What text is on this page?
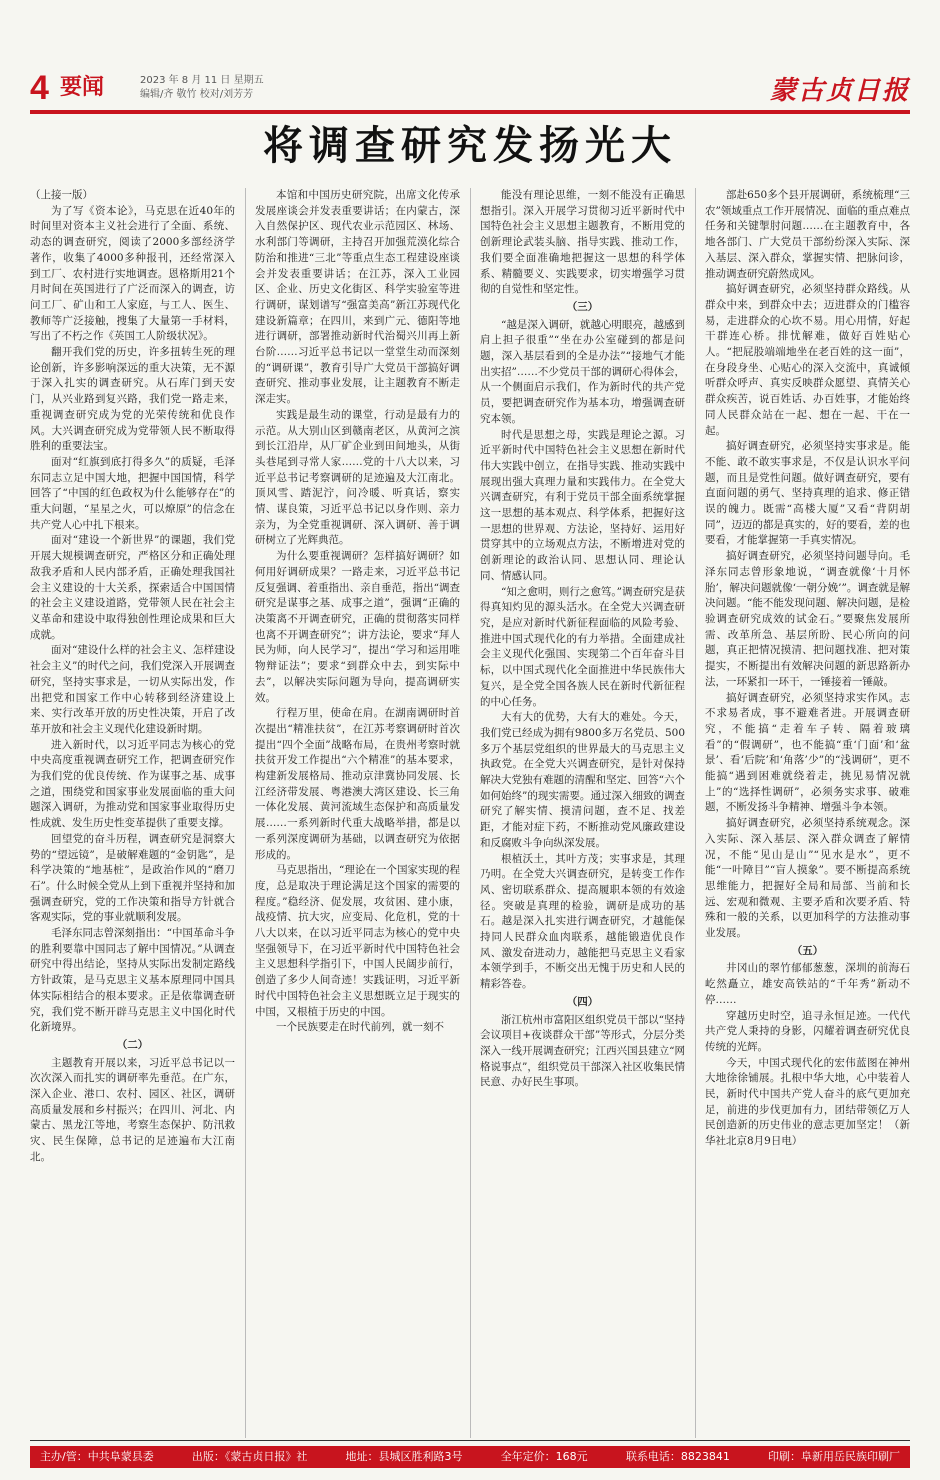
4 要闻	2023 年 8 月 11 日 星期五
编辑/齐 敬竹 校对/刘芳芳	蒙古贞日报
将调查研究发扬光大

（上接一版）

为了写《资本论》，马克思在近40年的时间里对资本主义社会进行了全面、系统、动态的调查研究，阅读了2000多部经济学著作，收集了4000多种报刊，还经常深入到工厂、农村进行实地调查。恩格斯用21个月时间在英国进行了广泛而深入的调查，访问工厂、矿山和工人家庭，与工人、医生、教师等广泛接触，搜集了大量第一手材料，写出了不朽之作《英国工人阶级状况》。

翻开我们党的历史，许多扭转生死的理论创新，许多影响深远的重大决策，无不源于深入扎实的调查研究。从石库门到天安门，从兴业路到复兴路，我们党一路走来，重视调查研究成为党的光荣传统和优良作风。大兴调查研究成为党带领人民不断取得胜利的重要法宝。

面对“红旗到底打得多久”的质疑，毛泽东同志立足中国大地，把握中国国情，科学回答了“中国的红色政权为什么能够存在”的重大问题，“星星之火，可以燎原”的信念在共产党人心中扎下根来。

面对“建设一个新世界”的课题，我们党开展大规模调查研究，严格区分和正确处理敌我矛盾和人民内部矛盾，正确处理我国社会主义建设的十大关系，探索适合中国国情的社会主义建设道路，党带领人民在社会主义革命和建设中取得独创性理论成果和巨大成就。

面对“建设什么样的社会主义、怎样建设社会主义”的时代之问，我们党深入开展调查研究，坚持实事求是，一切从实际出发，作出把党和国家工作中心转移到经济建设上来、实行改革开放的历史性决策，开启了改革开放和社会主义现代化建设新时期。

进入新时代，以习近平同志为核心的党中央高度重视调查研究工作，把调查研究作为我们党的优良传统、作为谋事之基、成事之道，围绕党和国家事业发展面临的重大问题深入调研，为推动党和国家事业取得历史性成就、发生历史性变革提供了重要支撑。

回望党的奋斗历程，调查研究是洞察大势的“望远镜”，是破解难题的“金钥匙”，是科学决策的“地基桩”，是政治作风的“磨刀石”。什么时候全党从上到下重视并坚持和加强调查研究，党的工作决策和指导方针就合客观实际，党的事业就顺利发展。

毛泽东同志曾深刻指出：“中国革命斗争的胜利要靠中国同志了解中国情况。”从调查研究中得出结论，坚持从实际出发制定路线方针政策，是马克思主义基本原理同中国具体实际相结合的根本要求。正是依靠调查研究，我们党不断开辟马克思主义中国化时代化新境界。

（二）

主题教育开展以来，习近平总书记以一次次深入而扎实的调研率先垂范。在广东，深入企业、港口、农村、园区、社区，调研高质量发展和乡村振兴；在四川、河北、内蒙古、黑龙江等地，考察生态保护、防汛救灾、民生保障，总书记的足迹遍布大江南北。

本馆和中国历史研究院，出席文化传承发展座谈会并发表重要讲话；在内蒙古，深入自然保护区、现代农业示范园区、林场、水利部门等调研，主持召开加强荒漠化综合防治和推进“三北”等重点生态工程建设座谈会并发表重要讲话；在江苏，深入工业园区、企业、历史文化街区、科学实验室等进行调研，谋划谱写“强富美高”新江苏现代化建设新篇章；在四川，来到广元、德阳等地进行调研，部署推动新时代治蜀兴川再上新台阶……习近平总书记以一堂堂生动而深刻的“调研课”，教育引导广大党员干部搞好调查研究、推动事业发展，让主题教育不断走深走实。

实践是最生动的课堂，行动是最有力的示范。从大别山区到赣南老区，从黄河之滨到长江沿岸，从厂矿企业到田间地头，从街头巷尾到寻常人家……党的十八大以来，习近平总书记考察调研的足迹遍及大江南北。顶风雪、踏泥泞，问冷暖、听真话，察实情、谋良策，习近平总书记以身作则、亲力亲为，为全党重视调研、深入调研、善于调研树立了光辉典范。

为什么要重视调研？怎样搞好调研？如何用好调研成果？一路走来，习近平总书记反复强调、着重指出、亲自垂范，指出“调查研究是谋事之基、成事之道”，强调“正确的决策离不开调查研究，正确的贯彻落实同样也离不开调查研究”；讲方法论，要求“拜人民为师，向人民学习”，提出“学习和运用唯物辩证法”；要求“到群众中去，到实际中去”，以解决实际问题为导向，提高调研实效。

行程万里，使命在肩。在湖南调研时首次提出“精准扶贫”，在江苏考察调研时首次提出“四个全面”战略布局，在贵州考察时就扶贫开发工作提出“六个精准”的基本要求，构建新发展格局、推动京津冀协同发展、长江经济带发展、粤港澳大湾区建设、长三角一体化发展、黄河流域生态保护和高质量发展……一系列新时代重大战略举措，都是以一系列深度调研为基础，以调查研究为依据形成的。

马克思指出，“理论在一个国家实现的程度，总是取决于理论满足这个国家的需要的程度。”稳经济、促发展，攻贫困、建小康，战疫情、抗大灾，应变局、化危机，党的十八大以来，在以习近平同志为核心的党中央坚强领导下，在习近平新时代中国特色社会主义思想科学指引下，中国人民阔步前行，创造了多少人间奇迹！实践证明，习近平新时代中国特色社会主义思想既立足于现实的中国，又根植于历史的中国。

一个民族要走在时代前列，就一刻不

能没有理论思维，一刻不能没有正确思想指引。深入开展学习贯彻习近平新时代中国特色社会主义思想主题教育，不断用党的创新理论武装头脑、指导实践、推动工作，我们要全面准确地把握这一思想的科学体系、精髓要义、实践要求，切实增强学习贯彻的自觉性和坚定性。

（三）

“越是深入调研，就越心明眼亮，越感到肩上担子很重”“坐在办公室碰到的都是问题，深入基层看到的全是办法”“接地气才能出实招”……不少党员干部的调研心得体会，从一个侧面启示我们，作为新时代的共产党员，要把调查研究作为基本功，增强调查研究本领。

时代是思想之母，实践是理论之源。习近平新时代中国特色社会主义思想在新时代伟大实践中创立，在指导实践、推动实践中展现出强大真理力量和实践伟力。在全党大兴调查研究，有利于党员干部全面系统掌握这一思想的基本观点、科学体系，把握好这一思想的世界观、方法论，坚持好、运用好贯穿其中的立场观点方法，不断增进对党的创新理论的政治认同、思想认同、理论认同、情感认同。

“知之愈明，则行之愈笃。”调查研究是获得真知灼见的源头活水。在全党大兴调查研究，是应对新时代新征程面临的风险考验、推进中国式现代化的有力举措。全面建成社会主义现代化强国、实现第二个百年奋斗目标，以中国式现代化全面推进中华民族伟大复兴，是全党全国各族人民在新时代新征程的中心任务。

大有大的优势，大有大的难处。今天，我们党已经成为拥有9800多万名党员、500多万个基层党组织的世界最大的马克思主义执政党。在全党大兴调查研究，是针对保持解决大党独有难题的清醒和坚定、回答“六个如何始终”的现实需要。通过深入细致的调查研究了解实情、摸清问题，查不足、找差距，才能对症下药，不断推动党风廉政建设和反腐败斗争向纵深发展。

根植沃土，其叶方茂；实事求是，其理乃明。在全党大兴调查研究，是转变工作作风、密切联系群众、提高履职本领的有效途径。突破是真理的检验，调研是成功的基石。越是深入扎实进行调查研究，才越能保持同人民群众血肉联系，越能锻造优良作风、激发奋进动力，越能把马克思主义看家本领学到手，不断交出无愧于历史和人民的精彩答卷。

（四）

浙江杭州市富阳区组织党员干部以“坚持会议项目+夜谈群众干部”等形式，分层分类深入一线开展调查研究；江西兴国县建立“网格说事点”，组织党员干部深入社区收集民情民意、办好民生事项。

部赴650多个县开展调研，系统梳理“三农”领域重点工作开展情况、面临的重点难点任务和关键掣肘问题……在主题教育中，各地各部门、广大党员干部纷纷深入实际、深入基层、深入群众，掌握实情、把脉问诊，推动调查研究蔚然成风。

搞好调查研究，必须坚持群众路线。从群众中来，到群众中去；迈进群众的门槛容易，走进群众的心坎不易。用心用情，好起干群连心桥。排忧解难，做好百姓贴心人。“把屁股端端地坐在老百姓的这一面”，在身段身坐、心贴心的深入交流中，真诚倾听群众呼声、真实反映群众愿望、真情关心群众疾苦，说百姓话、办百姓事，才能始终同人民群众站在一起、想在一起、干在一起。

搞好调查研究，必须坚持实事求是。能不能、敢不敢实事求是，不仅是认识水平问题，而且是党性问题。做好调查研究，要有直面问题的勇气、坚持真理的追求、修正错误的魄力。既需“高楼大厦”又看“背阴胡同”，迈迈的都是真实的，好的要看，差的也要看，才能掌握第一手真实情况。

搞好调查研究，必须坚持问题导向。毛泽东同志曾形象地说，“调查就像‘十月怀胎’，解决问题就像‘一朝分娩’”。调查就是解决问题。“能不能发现问题、解决问题，是检验调查研究成效的试金石。”要聚焦发展所需、改革所急、基层所盼、民心所向的问题，真正把情况摸清、把问题找准、把对策提实，不断提出有效解决问题的新思路新办法，一环紧扣一环干，一锤接着一锤敲。

搞好调查研究，必须坚持求实作风。志不求易者成，事不避难者进。开展调查研究，不能搞“走着车子转、隔着玻璃看”的“假调研”，也不能搞“重‘门面’和‘盆景’、看‘后院’和‘角落’少”的“浅调研”，更不能搞“遇到困难就绕着走，挑见易情况就上”的“选择性调研”，必须务实求事、破难题，不断发扬斗争精神、增强斗争本领。

搞好调查研究，必须坚持系统观念。深入实际、深入基层、深入群众调查了解情况，不能“见山是山”“见水是水”，更不能“一叶障目”“盲人摸象”。要不断提高系统思维能力，把握好全局和局部、当前和长远、宏观和微观、主要矛盾和次要矛盾、特殊和一般的关系，以更加科学的方法推动事业发展。

（五）

井冈山的翠竹郁郁葱葱，深圳的前海石屹然矗立，雄安高铁站的“千年秀”新动不停……

穿越历史时空，追寻永恒足迹。一代代共产党人秉持的身影，闪耀着调查研究优良传统的光辉。

今天，中国式现代化的宏伟蓝图在神州大地徐徐铺展。扎根中华大地，心中装着人民，新时代中国共产党人奋斗的底气更加充足，前进的步伐更加有力，团结带领亿万人民创造新的历史伟业的意志更加坚定！（新华社北京8月9日电）

主办/管：中共阜蒙县委	出版：《蒙古贞日报》社	地址：县城区胜利路3号	全年定价：168元	联系电话：8823841	印刷：阜新用岳民族印刷厂
